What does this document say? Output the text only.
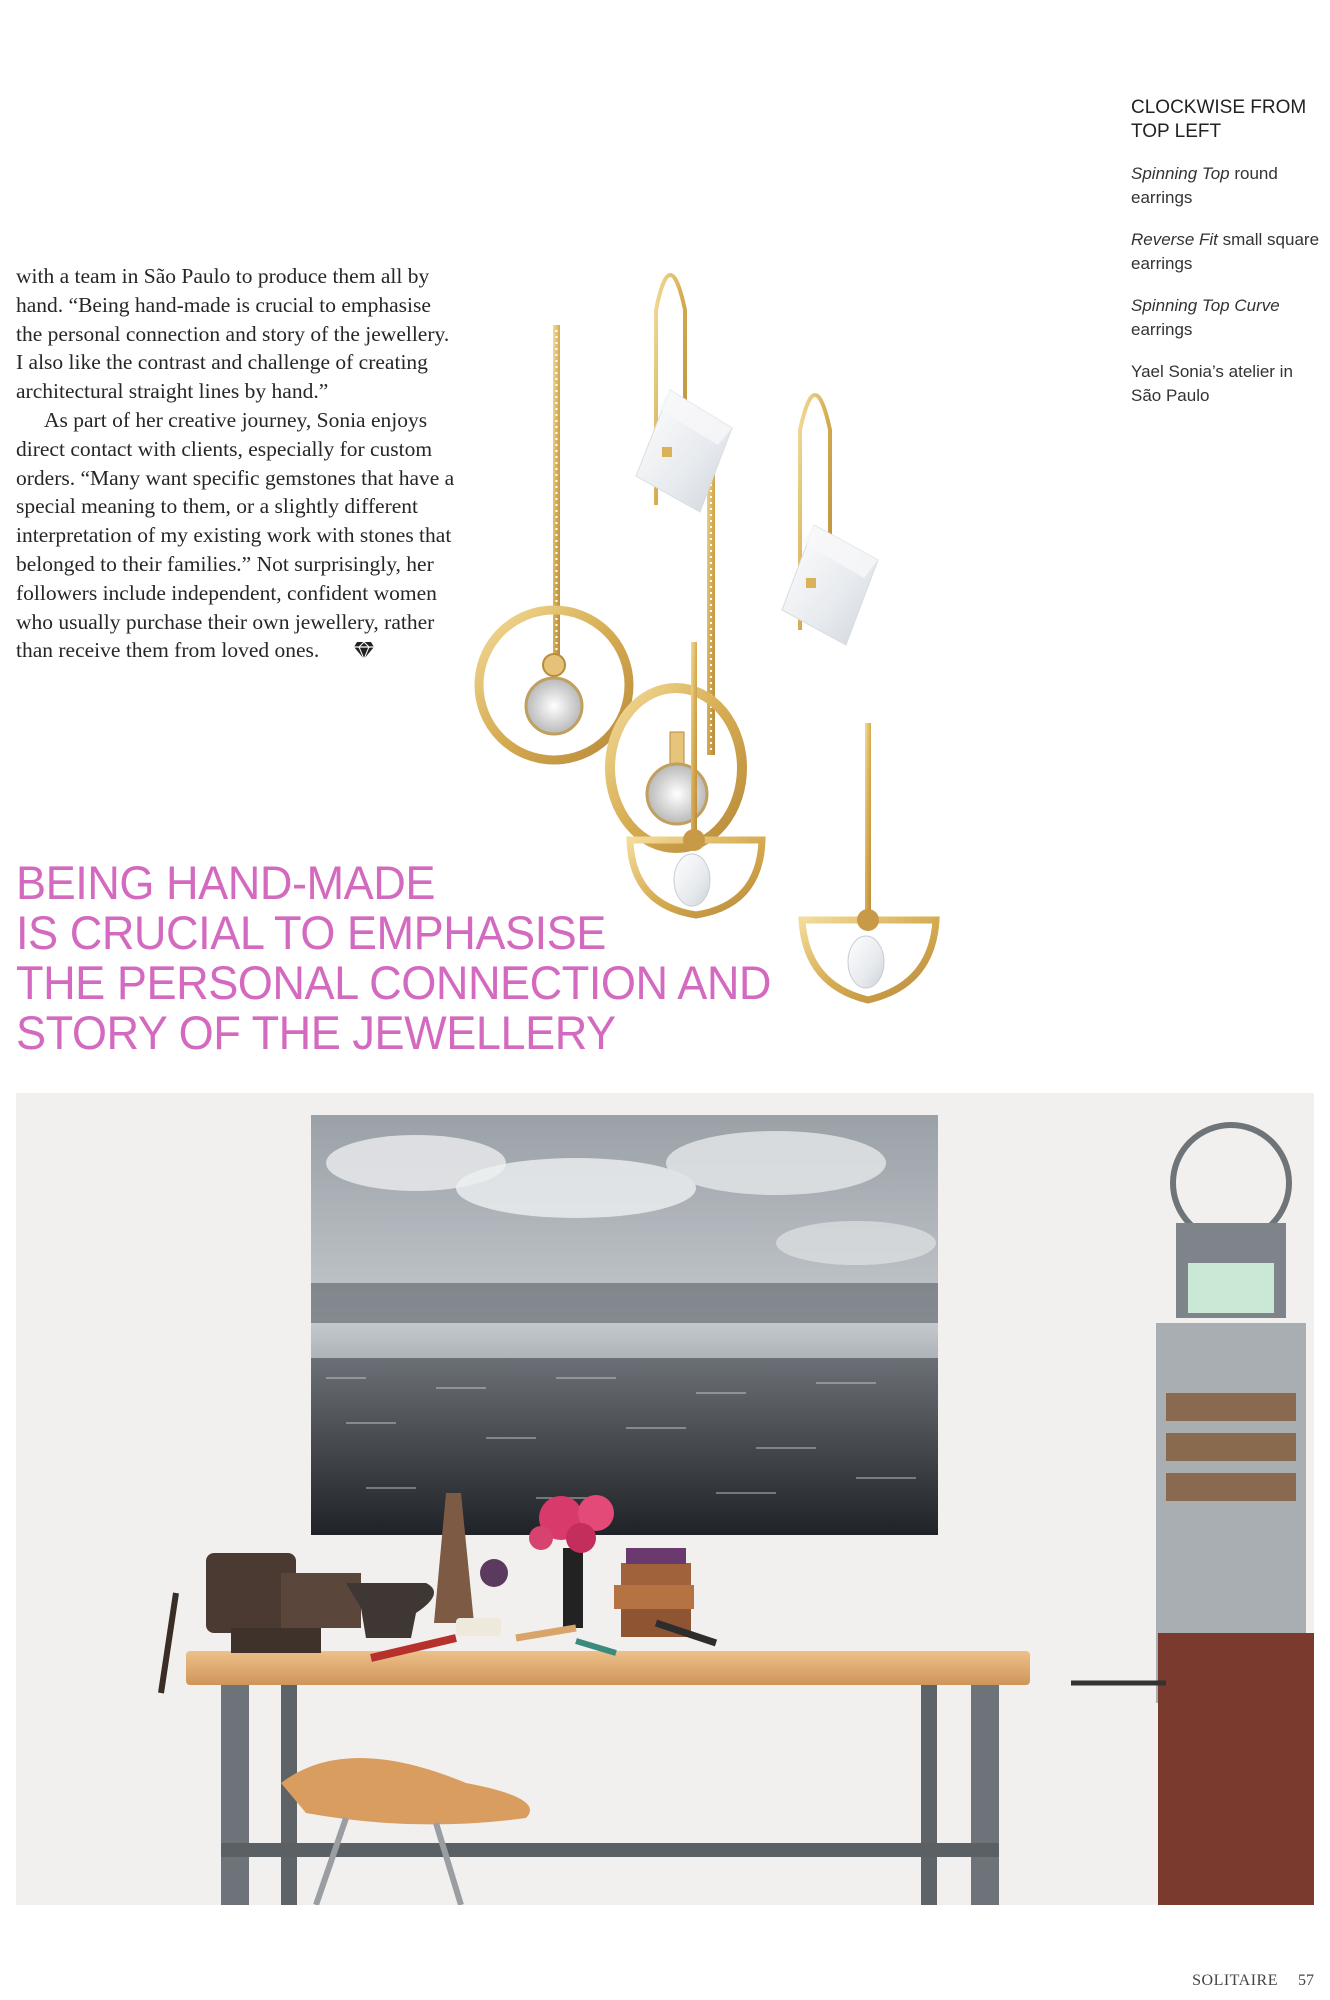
with a team in São Paulo to produce them all by hand. “Being hand-made is crucial to emphasise the personal connection and story of the jewellery. I also like the contrast and challenge of creating architectural straight lines by hand.”

As part of her creative journey, Sonia enjoys direct contact with clients, especially for custom orders. “Many want specific gemstones that have a special meaning to them, or a slightly different interpretation of my existing work with stones that belonged to their families.” Not surprisingly, her followers include independent, confident women who usually purchase their own jewellery, rather than receive them from loved ones.

CLOCKWISE FROM TOP LEFT
Spinning Top round earrings
Reverse Fit small square earrings
Spinning Top Curve earrings
Yael Sonia’s atelier in São Paulo
BEING HAND-MADE
IS CRUCIAL TO EMPHASISE
THE PERSONAL CONNECTION AND
STORY OF THE JEWELLERY
SOLITAIRE 57
